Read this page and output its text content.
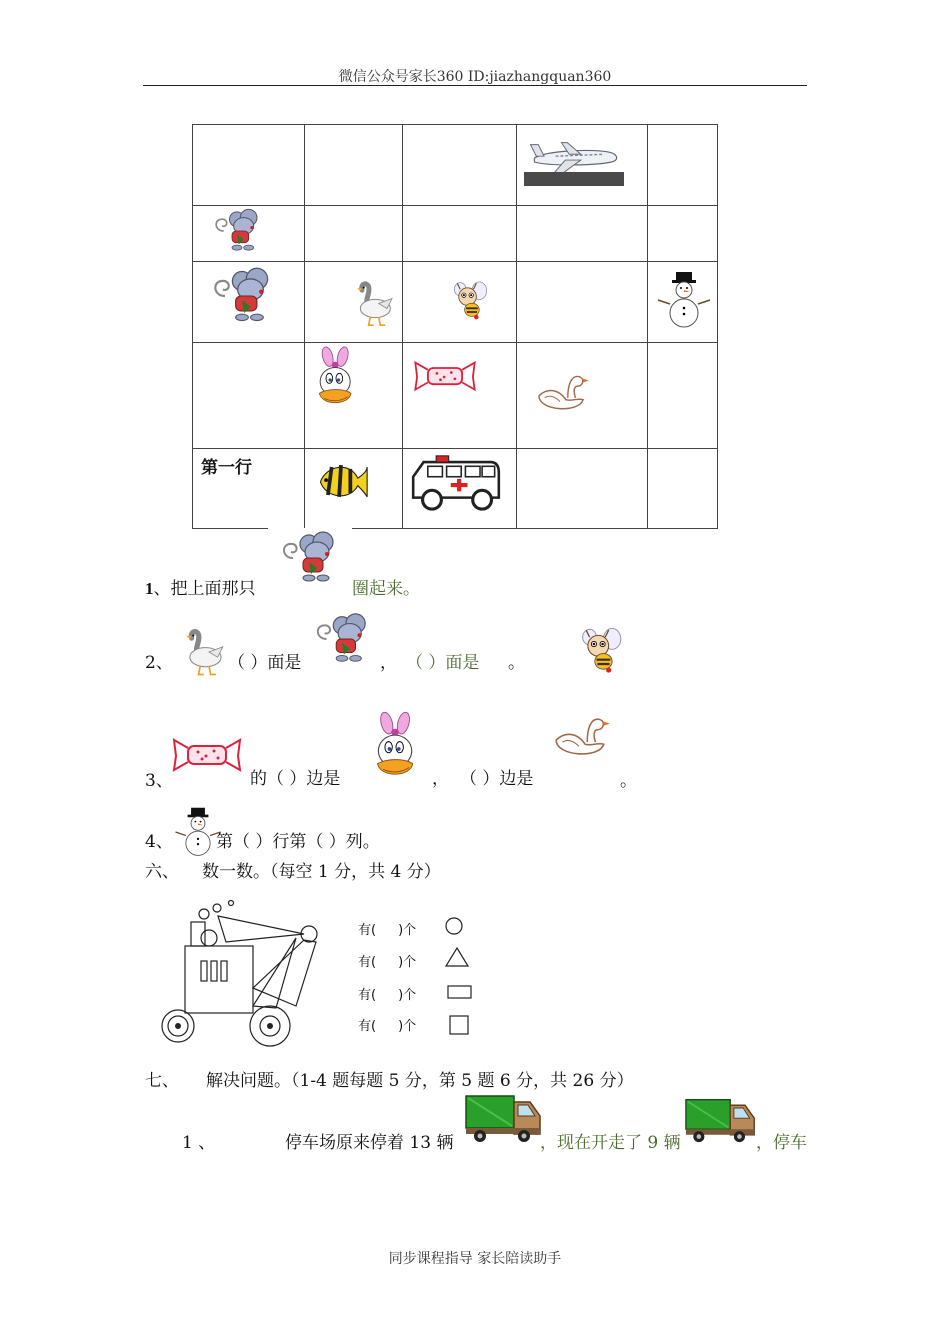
微信公众号家长360 ID:jiazhangquan360

第一行

1、把上面那只	圈起来。
2、	（ ）面是	， （ ）面是 。
3、	的（ ）边是	， （ ）边是	。
4、	第（ ）行第（ ）列。
六、 数一数。（每空 1 分，共 4 分）
有( )个
有( )个
有( )个
有( )个
七、 解决问题。（1-4 题每题 5 分，第 5 题 6 分，共 26 分）
1 、	停车场原来停着 13 辆	，现在开走了 9 辆	，停车
同步课程指导 家长陪读助手
